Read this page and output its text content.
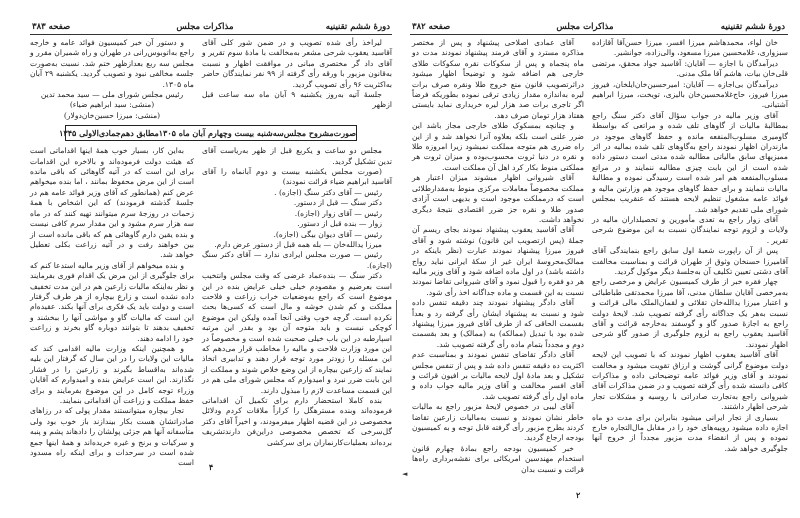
دورهٔ ششم تقنینیه
مذاکرات مجلس
صفحه ۳۸۳

لیراخذ رأی شده تصویب و در ضمن شور کلی آقای آقاسید یعقوب شرحی مشعر به‌مخالفت با مادهٔ سوم تقریر و آقای داد گر مختصری مبانی در موافقت اظهار و نسبت به‌قانون مزبور با ورقه رأی گرفته از ۹۹ نفر نمایندگان حاضر به‌اکثریت ۹۶ رأی تصویب گردید.

جلسهٔ آتیه به‌روز یکشنبه ۹ آبان ماه سه ساعت قبل ازظهر

و دستور آن خبر کمیسیون فوائد عامه و خارجه راجع به‌اتوبوس‌رانی در طهران و راه شمیران مقرر و مجلس سه ربع بعدازظهر ختم شد. نسبت به‌صورت جلسه مخالفی نبود و تصویب گردید. یکشنبه ۲۹ آبان ماه ۱۳۰۵.

رئیس مجلس شورای ملی — سید محمد تدین

(منشی: سید ابراهیم ضیاء)

(منشی: میرزا حسین‌خان‌دولار)

صورت‌مشروح مجلس‌سه‌شنبه بیست وچهارم آبان ماه ۱۳۰۵مطابق دهم‌جمادی‌الاولی ۱۳۴۵

مجلس دو ساعت و یکربع قبل از ظهر به‌ریاست آقای تدین تشکیل گردید.

(صورت مجلس یکشنبه بیست و دوم آبانماه را آقای آقاسید ابراهیم ضیاء قرائت نمودند)

رئیس — آقای دکتر سنگ (اجازه) .

دکتر سنگ — قبل از دستور.

رئیس — آقای زوار (اجازه).

زوار — بنده قبل از دستور.

رئیس — آقای دیوان بیگی (اجازه).

میرزا یدالله‌خان — بله همه قبل از دستور عرض دارم.

رئیس — صورت مجلس ایرادی ندارد — آقای دکتر سنگ (اجازه).

دکتر سنگ — بنده‌عماد غرضی که وقت مجلس وانتخیب است بعرضیم و مقصودم خیلی خیلی عرایض بنده در این موضوع است که راجع به‌وضعیات خراب زراعت و فلاحت مملکت و کم شدن خوشه و مال است که کسی‌ها بحث نکرده است. گرچه خوب وقتی آنجا آمده ولیکن این موضوع کوچکی نیست و باید متوجه آن بود و بقدر این مرتبه اسپارطبه در این باب خیلی صحبت شده است و مخصوصاً در این مورد وزارت فلاحت و مالیه را مخاطب قرار می‌دهم که این مسئله را زودتر مورد توجه قرار دهند و تدابیری اتخاذ نمایند که زارعین بیچاره از این وضع خلاص شوند و مملکت از این بابت ضرر نبرد و امیدوارم که مجلس شورای ملی هم در این قسمت مساعدت لازم را مبذول دارند.

بنده کاملا استحضار دارم برای تکمیل آن اقداماتی فرموده‌اند وبنده مسترهگل را کراراً ملاقات کردم ودلائل مخصوصی در این قضیه اظهار میفرمودند، و اخیراً آقای دکتر گل‌سرخی که تخصص مخصوصی دراین‌فن دارند‌تشریف برده‌اند بعملیات‌کار‌نماران برای سرکشی

به‌این کار، بسیار خوب همهٔ اینها اقداماتی است که هیئت دولت فرموده‌اند و بالاخره این اقدامات برای این است که در آتیه گاوهائی که باقی مانده است از این مرض محفوظ بمانند ، اما بنده میخواهم عرض کنم (همانطور که آقای وزیر فوائد عامه هم در جلسهٔ گذشته فرمودند) که این اشخاص با همهٔ زحمات در روزجهٔ سرم میتوانند تهیه کنند که در ماه سه هزار سرم مشود و این مقدار سرم کافی نیست و بنده یقین دارم گاوهائی هم که باقی مانده است از بین خواهند رفت و در آتیه زراعت بکلی تعطیل خواهد شد.

و بنده میخواهم از آقای وزیر مالیه استدعا کنم که برای جلوگیری از این مرض یک اقدام فوری بفرمایند و نظر به‌اینکه مالیات زارعین هم در این مدت تخفیف داده نشده است و زارع بیچاره از هر طرف گرفتار است و دولت باید یک فکری برای آنها بکند. عقیده‌ام این است که مالیات گاو و مواشی آنها را ببخشند و تخفیف بدهند تا بتوانند دوباره گاو بخرند و زراعت خود را ادامه دهند.

و همچنین اینکه وزارت مالیه اقدامی کند که مالیات این ولایات را در این سال که گرفتار این بلیه شده‌اند به‌اقساط بگیرند و زارعین را در فشار نگذارند. این است عرایض بنده و امیدوارم که آقایان وزراء توجه کامل در این موضوع بفرمایند و برای حفظ مملکت و زراعت آن اقداماتی بنمایند.

تجار بیچاره میتوانستند مقدار پولی که در رزاهای صادراتشان هست بکار بیندازند باز خوب بود ولی متأسفانه آنها هم جزئی پولشان را دادهاند پشم و پنبه و سرکیات و برنج و غیره خریده‌اند و همهٔ اینها جمع شده است در سرحدات و برای اینکه راه مسدود است	۴
دورهٔ ششم تقنینیه
مذاکرات مجلس
صفحه ۳۸۲

خان لواء، محمدهاشم میرزا افسر، میرزا حسن‌آقا آقازاده سبزواری، غلامحسین میرزا مسعود، والی‌زاده، جوانشیر.

دیرآمدگان با اجازه — آقایان: آقاسید جواد محقق، مرتضی قلی‌خان بیات، هاشم آقا ملک مدنی.

دیرآمدگان بی‌اجازه — آقایان: امیرحسین‌خان‌ایلخان، فیروز میرزا فیروز، حاج‌غلامحسین‌خان بالیزی، تویخت، میرزا ابراهیم آشتیانی.

آقای وزیر مالیه در جواب سؤال آقای دکتر سنگ راجع بمطالبهٔ مالیات از گاوهای تلف شده و مراتعی که بواسطهٔ گاومیری مسلوب‌المنفعه مانده و حفظ گاوهای موجود در مازندران اظهار نمودند راجع به‌گاوهای تلف شده بمالیه در اثر ممیزیهای سابق مالیاتی مطالبه شده مدتی است دستور داده شده است از این بابت چیزی مطالبه ننمایند و در مراتع مسلوب‌المنفعه هم امر شده است رسیدگی نموده و مطالبهٔ مالیات ننمایند و برای حفظ گاوهای موجود هم وزارتین مالیه و فوائد عامه مشغول تنظیم لایحه هستند که عنقریب بمجلس شورای ملی تقدیم خواهد شد.

آقای زوار راجع به تعدی مأمورین و تحصیلداران مالیه در ولایات و لزوم توجه نمایندگان نسبت به این موضوع شرحی تقریر .

پس از آن راپورت شعبهٔ اول سابق راجع بنمایندگی آقای آقامیرزا حسنخان وثوق از طهران قرائت و بمناسبت مخالفت آقای دشتی تعیین تکلیف آن به‌جلسهٔ دیگر موکول گردید.

چهار فقره خبر از طرف کمیسیون عرایض و مرخصی راجع به‌مرخصی آقایان سلطان مدنی، آقا میرزا محمدتقی طباطبائی و اعتبار میرزا یدالله‌خان تقلائی و لقمان‌الملک مالی قرائت و نسبت به‌هر یک جداگانه رأی گرفته تصویب شد. لایحهٔ دولت راجع به اجازهٔ صدور گاو و گوسفند به‌خارجه قرائت و آقای آقاسید یعقوب راجع به لزوم جلوگیری از صدور گاو شرحی اظهار نمودند.

آقای آقاسید یعقوب اظهار نمودند که با تصویب این لایحه دولت موضوع گرانی گوشت و ارزاق تقویت میشود و مخالفت نمودند و آقای وزیر فوائد عامه توضیحاتی داده و مذاکرات کافی دانسته شده رأی گرفته تصویب و در ضمن مذاکرات آقای شیروانی راجع به‌تجارت صادراتی با روسیه و مشکلات تجار شرحی اظهار داشتند.

بسیاری از تجار ایرانی میشود بنابراین برای مدت دو ماه اجازه داده میشود روپیه‌های خود را در مقابل مال‌التجاره خارج نموده و پس از انقضاء مدت مزبور مجدداً از خروج آنها جلوگیری خواهد شد.

آقای عمادی اصلاحی پیشنهاد و پس از مختصر مذاکره مسترد و آقای فرمند پیشنهاد نمودند مدت دو ماه پنجماه و پس از سکوکات نقره سکوکات طلای خارجی هم اضافه شود و توضیحاً اظهار میشود دراثرتصویب قانون منع خروج طلا ونقره صرف برات لیره به‌اندازه مقدار زیادی ترقی نموده بطوریکه فرضاً اگر تاجری برات صد هزار لیره خریداری نماید بایستی هفتاد هزار تومان صرف دهد.

و چنانچه بمسکوک طلای خارجی مجاز باشد این ضرر علنی است بلکه بعلاوه آنرا نخواهد شد و از این راه ضرری هم متوجه مملکت نمیشود زیرا امروزه طلا و نقره در دنیا ثروت محسوب‌بوده و میزان ثروت هر مملکتی منوط بکار کرد اهل آن مملکت است.

آقای شیروانی اظهار میشوند میزان اعتبار هر مملکت مخصوصاً معاملات مرکزی منوط به‌مقدارطلائی است که درمملکت موجود است و بدیهی است آزادی صدور طلا و نقره جز ضرر اقتصادی نتیجهٔ دیگری نخواهد داشت.

آقای آقاسید یعقوب پیشنهاد نمودند بجای ریسم آن جملهٔ (پس ازتصویب این قانون) نوشته شود و آقای فیروز میرزا پیشنهاد نمودند عبارت (نظر باینکه در ممالک‌محروسهٔ ایران غیر از سکهٔ ایرانی نباید رواج داشته باشد) در اول ماده اضافه شود و آقای وزیر مالیه هر دو فقره را قبول نمود و آقای شیروانی تقاضا نمودند نسبت به این قسمت و ماده جداگانه اخذ رأی شود.

آقای دادگر پیشنهاد نمودند چند دقیقه تنفس داده شود و نسبت به پیشنهاد ایشان رأی گرفته رد و بعداً بقسمت الحاقی که از طرف آقای فیروز میرزا پیشنهاد شده بود با تبدیل (ممالکه) به (ممالک) و بعد بقسمت دوم و مجدداً بتمام ماده رأی گرفته تصویب شد.

آقای دادگر تقاضای تنفس نمودند و بمناسبت عدم اکثریت ده دقیقه تنفس داده شد و پس از تنفس مجلس تشکیل و بعد مادهٔ اول لایحه مالیات بر افیون قرائت و آقای افسر مخالفت و آقای وزیر مالیه جواب داده و ماده اول رأی گرفته تصویب شد.

آقای لیبی در خصوص لایحهٔ مزبور راجع به مالیات خاطر نشان نمودند و نسبت به‌مالیات زارعین تقاضا کردند بطرح مزبور رأی گرفته قابل توجه و به کمیسیون بودجه ارجاع گردید.

خبر کمیسیون بودجه راجع بمادهٔ چهارم قانون استخدام مهندسین امریکائی برای نقشه‌برداری راه‌ها قرائت و نسبت بدان

۲
◄
